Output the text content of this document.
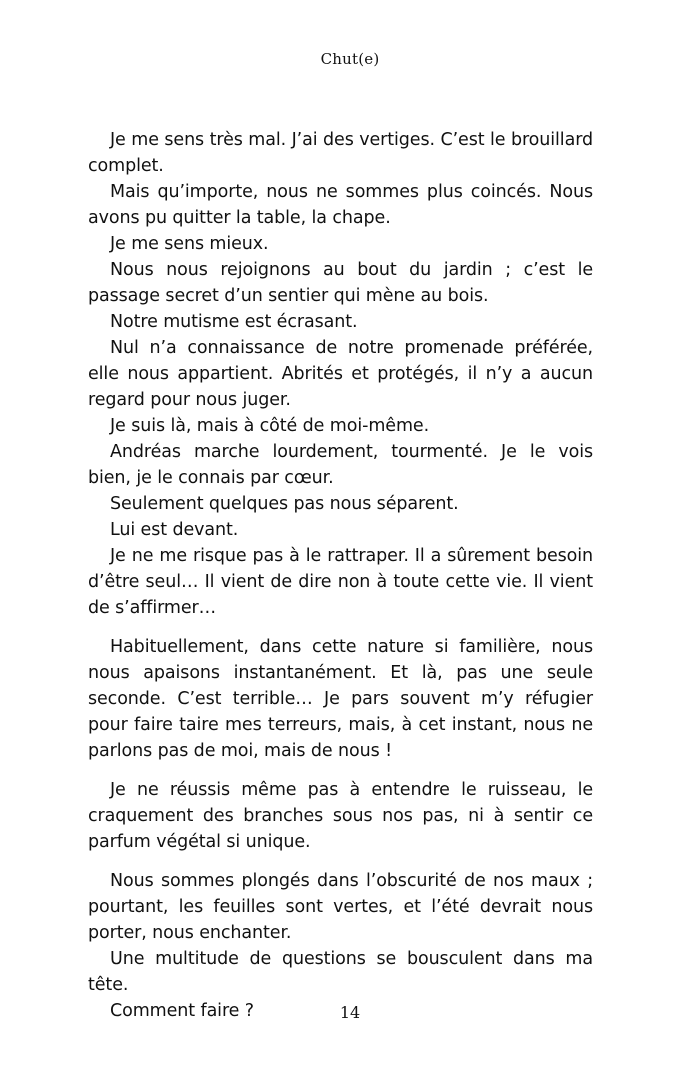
Chut(e)

Je me sens très mal. J’ai des vertiges. C’est le brouillard complet.

Mais qu’importe, nous ne sommes plus coincés. Nous avons pu quitter la table, la chape.

Je me sens mieux.

Nous nous rejoignons au bout du jardin ; c’est le passage secret d’un sentier qui mène au bois.

Notre mutisme est écrasant.

Nul n’a connaissance de notre promenade préférée, elle nous appartient. Abrités et protégés, il n’y a aucun regard pour nous juger.

Je suis là, mais à côté de moi-même.

Andréas marche lourdement, tourmenté. Je le vois bien, je le connais par cœur.

Seulement quelques pas nous séparent.

Lui est devant.

Je ne me risque pas à le rattraper. Il a sûrement besoin d’être seul… Il vient de dire non à toute cette vie. Il vient de s’affirmer…

Habituellement, dans cette nature si familière, nous nous apaisons instantanément. Et là, pas une seule seconde. C’est terrible… Je pars souvent m’y réfugier pour faire taire mes terreurs, mais, à cet instant, nous ne parlons pas de moi, mais de nous !

Je ne réussis même pas à entendre le ruisseau, le craquement des branches sous nos pas, ni à sentir ce parfum végétal si unique.

Nous sommes plongés dans l’obscurité de nos maux ; pourtant, les feuilles sont vertes, et l’été devrait nous porter, nous enchanter.

Une multitude de questions se bousculent dans ma tête.

Comment faire ?	14
